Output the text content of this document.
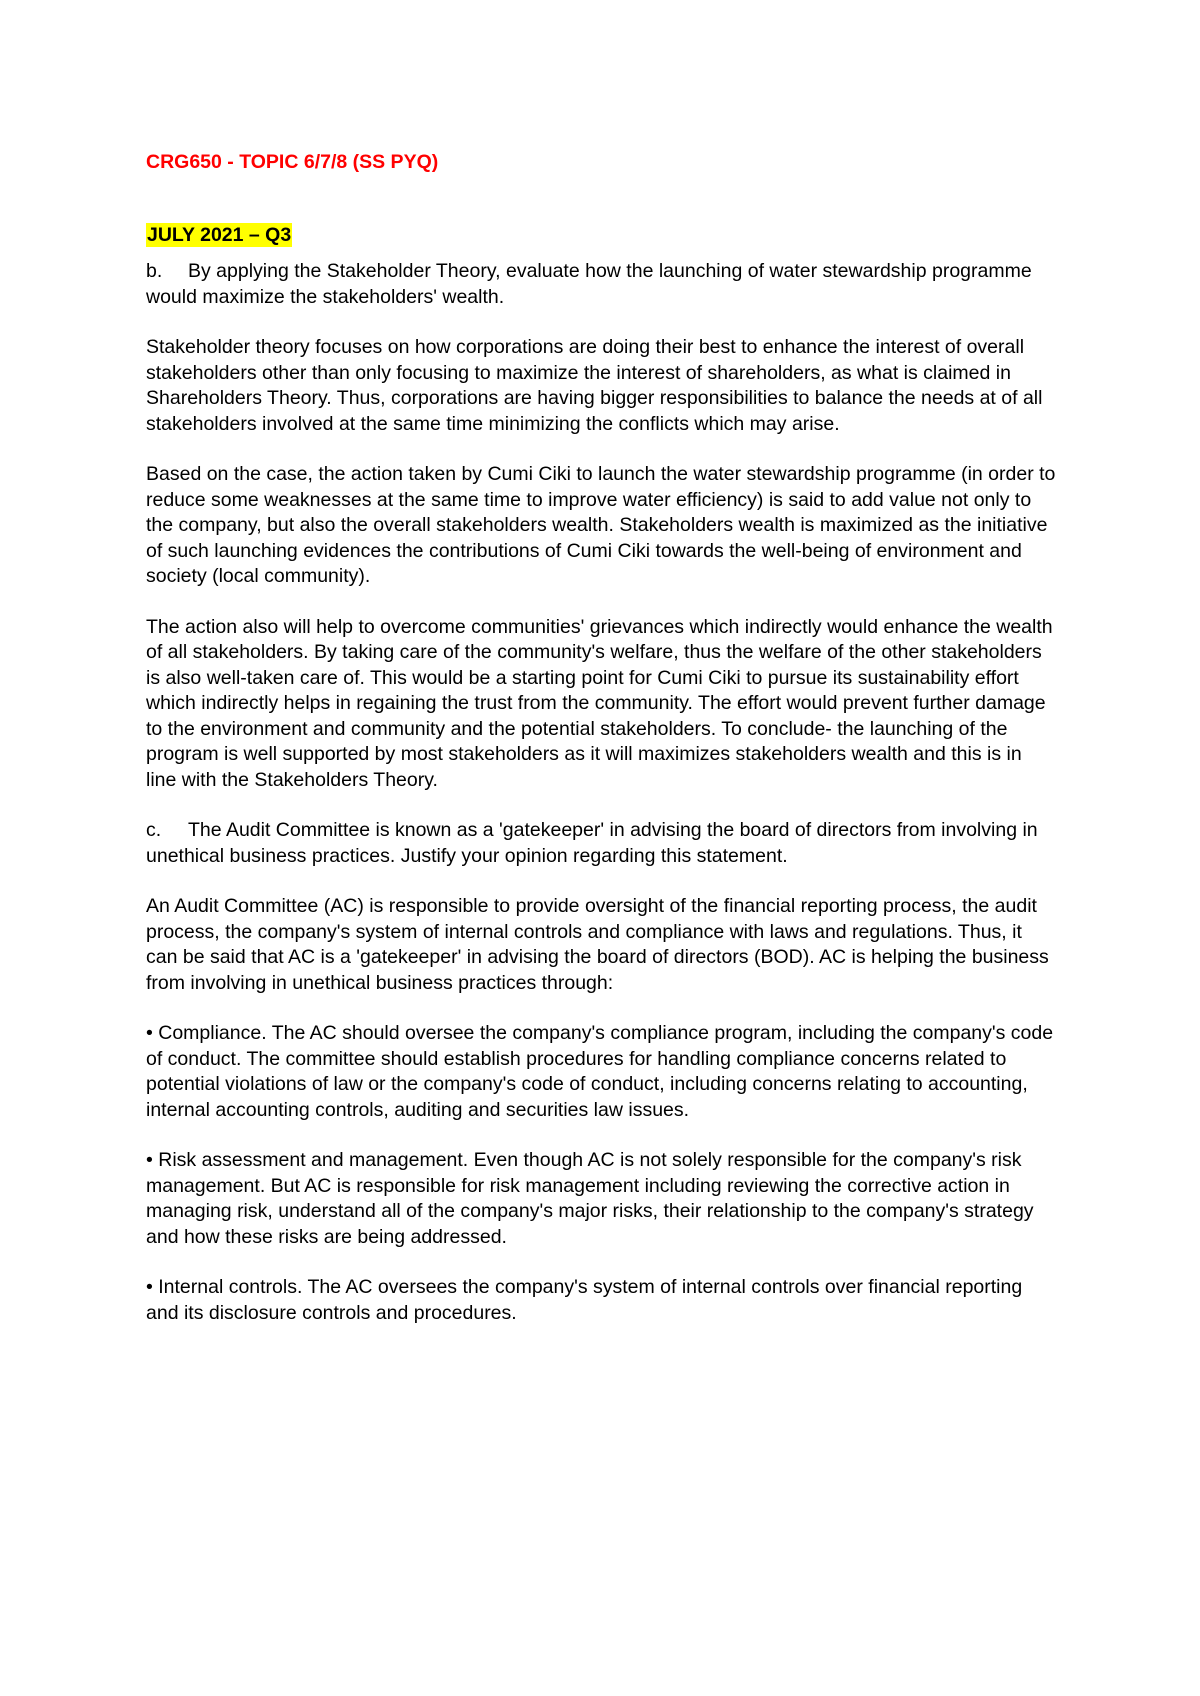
CRG650 - TOPIC 6/7/8 (SS PYQ)

JULY 2021 – Q3

b. By applying the Stakeholder Theory, evaluate how the launching of water stewardship programme would maximize the stakeholders' wealth.

Stakeholder theory focuses on how corporations are doing their best to enhance the interest of overall stakeholders other than only focusing to maximize the interest of shareholders, as what is claimed in Shareholders Theory. Thus, corporations are having bigger responsibilities to balance the needs at of all stakeholders involved at the same time minimizing the conflicts which may arise.

Based on the case, the action taken by Cumi Ciki to launch the water stewardship programme (in order to reduce some weaknesses at the same time to improve water efficiency) is said to add value not only to the company, but also the overall stakeholders wealth. Stakeholders wealth is maximized as the initiative of such launching evidences the contributions of Cumi Ciki towards the well-being of environment and society (local community).

The action also will help to overcome communities' grievances which indirectly would enhance the wealth of all stakeholders. By taking care of the community's welfare, thus the welfare of the other stakeholders is also well-taken care of. This would be a starting point for Cumi Ciki to pursue its sustainability effort which indirectly helps in regaining the trust from the community. The effort would prevent further damage to the environment and community and the potential stakeholders. To conclude- the launching of the program is well supported by most stakeholders as it will maximizes stakeholders wealth and this is in line with the Stakeholders Theory.

c. The Audit Committee is known as a 'gatekeeper' in advising the board of directors from involving in unethical business practices. Justify your opinion regarding this statement.

An Audit Committee (AC) is responsible to provide oversight of the financial reporting process, the audit process, the company's system of internal controls and compliance with laws and regulations. Thus, it can be said that AC is a 'gatekeeper' in advising the board of directors (BOD). AC is helping the business from involving in unethical business practices through:

• Compliance. The AC should oversee the company's compliance program, including the company's code of conduct. The committee should establish procedures for handling compliance concerns related to potential violations of law or the company's code of conduct, including concerns relating to accounting, internal accounting controls, auditing and securities law issues.

• Risk assessment and management. Even though AC is not solely responsible for the company's risk management. But AC is responsible for risk management including reviewing the corrective action in managing risk, understand all of the company's major risks, their relationship to the company's strategy and how these risks are being addressed.

• Internal controls. The AC oversees the company's system of internal controls over financial reporting and its disclosure controls and procedures.
